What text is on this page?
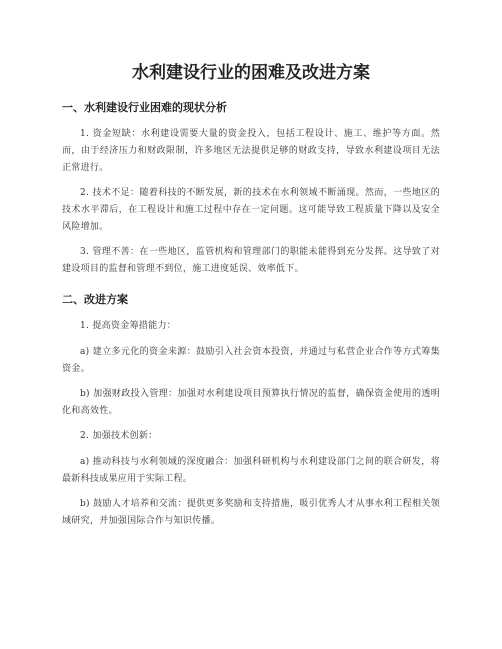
水利建设行业的困难及改进方案
一、水利建设行业困难的现状分析

1. 资金短缺：水利建设需要大量的资金投入，包括工程设计、施工、维护等方面。然而，由于经济压力和财政限制，许多地区无法提供足够的财政支持，导致水利建设项目无法正常进行。

2. 技术不足：随着科技的不断发展，新的技术在水利领域不断涌现。然而，一些地区的技术水平滞后，在工程设计和施工过程中存在一定问题。这可能导致工程质量下降以及安全风险增加。

3. 管理不善：在一些地区，监管机构和管理部门的职能未能得到充分发挥。这导致了对建设项目的监督和管理不到位，施工进度延误、效率低下。

二、改进方案

1. 提高资金筹措能力：

a) 建立多元化的资金来源：鼓励引入社会资本投资，并通过与私营企业合作等方式筹集资金。

b) 加强财政投入管理：加强对水利建设项目预算执行情况的监督，确保资金使用的透明化和高效性。

2. 加强技术创新：

a) 推动科技与水利领域的深度融合：加强科研机构与水利建设部门之间的联合研发，将最新科技成果应用于实际工程。

b) 鼓励人才培养和交流：提供更多奖励和支持措施，吸引优秀人才从事水利工程相关领域研究，并加强国际合作与知识传播。
